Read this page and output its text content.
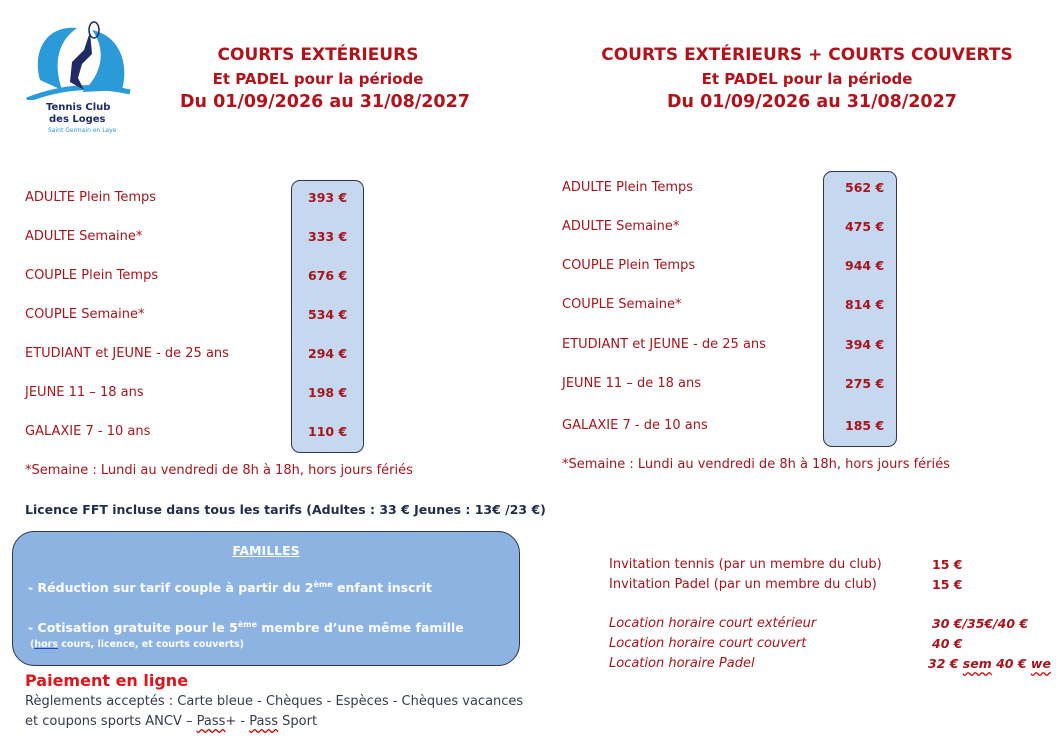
Tennis Club
des Loges
Saint Germain en Laye
COURTS EXTÉRIEURS
Et PADEL pour la période
Du 01/09/2026 au 31/08/2027
COURTS EXTÉRIEURS + COURTS COUVERTS
Et PADEL pour la période
Du 01/09/2026 au 31/08/2027
ADULTE Plein Temps	393 €
ADULTE Semaine*	333 €
COUPLE Plein Temps	676 €
COUPLE Semaine*	534 €
ETUDIANT et JEUNE - de 25 ans	294 €
JEUNE 11 – 18 ans	198 €
GALAXIE 7 - 10 ans	110 €
*Semaine : Lundi au vendredi de 8h à 18h, hors jours fériés
ADULTE Plein Temps	562 €
ADULTE Semaine*	475 €
COUPLE Plein Temps	944 €
COUPLE Semaine*	814 €
ETUDIANT et JEUNE - de 25 ans	394 €
JEUNE 11 – de 18 ans	275 €
GALAXIE 7 - de 10 ans	185 €
*Semaine : Lundi au vendredi de 8h à 18h, hors jours fériés
Licence FFT incluse dans tous les tarifs (Adultes : 33 € Jeunes : 13€ /23 €)
FAMILLES
- Réduction sur tarif couple à partir du 2ème enfant inscrit
- Cotisation gratuite pour le 5ème membre d’une même famille
(hors cours, licence, et courts couverts)
Paiement en ligne
Règlements acceptés : Carte bleue - Chèques - Espèces - Chèques vacances
et coupons sports ANCV – Pass+ - Pass Sport
Invitation tennis (par un membre du club)	15 €
Invitation Padel (par un membre du club)	15 €
Location horaire court extérieur	30 €/35€/40 €
Location horaire court couvert	40 €
Location horaire Padel	32 € sem 40 € we
